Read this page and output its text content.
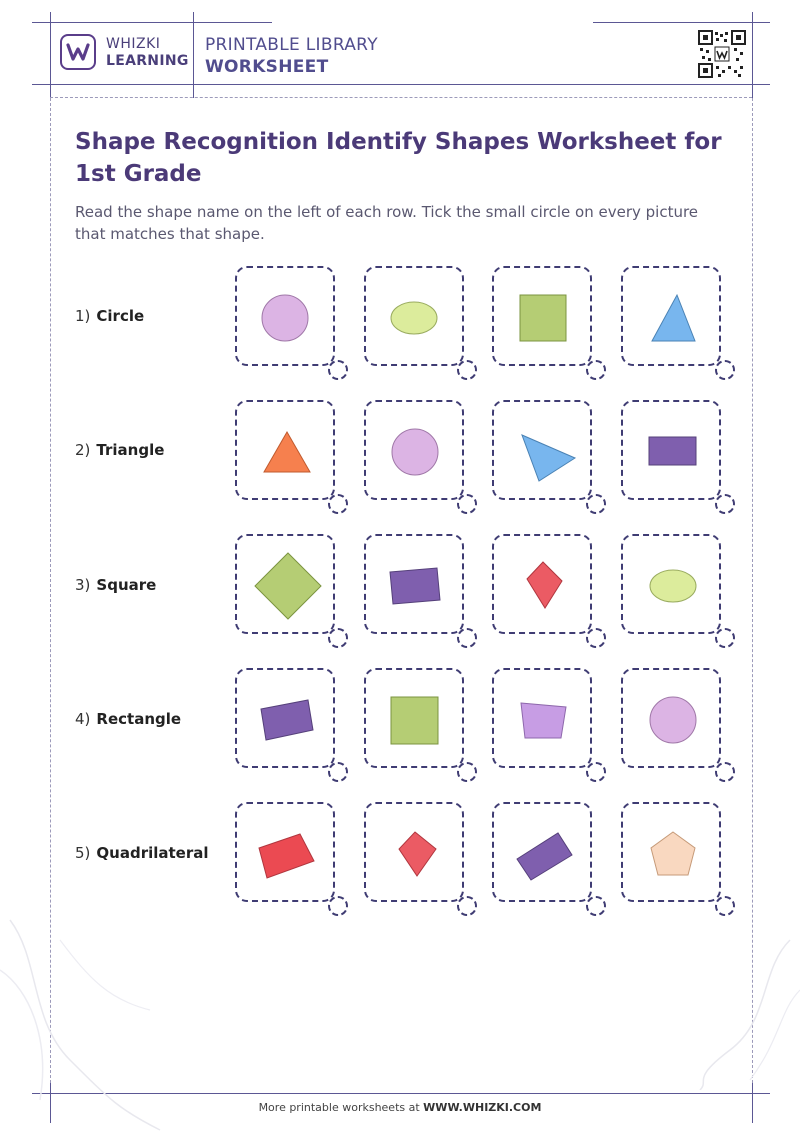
WHIZKI
LEARNING
PRINTABLE LIBRARY
WORKSHEET
Shape Recognition Identify Shapes Worksheet for 1st Grade
Read the shape name on the left of each row. Tick the small circle on every picture that matches that shape.
1) Circle
2) Triangle
3) Square
4) Rectangle
5) Quadrilateral
More printable worksheets at WWW.WHIZKI.COM
